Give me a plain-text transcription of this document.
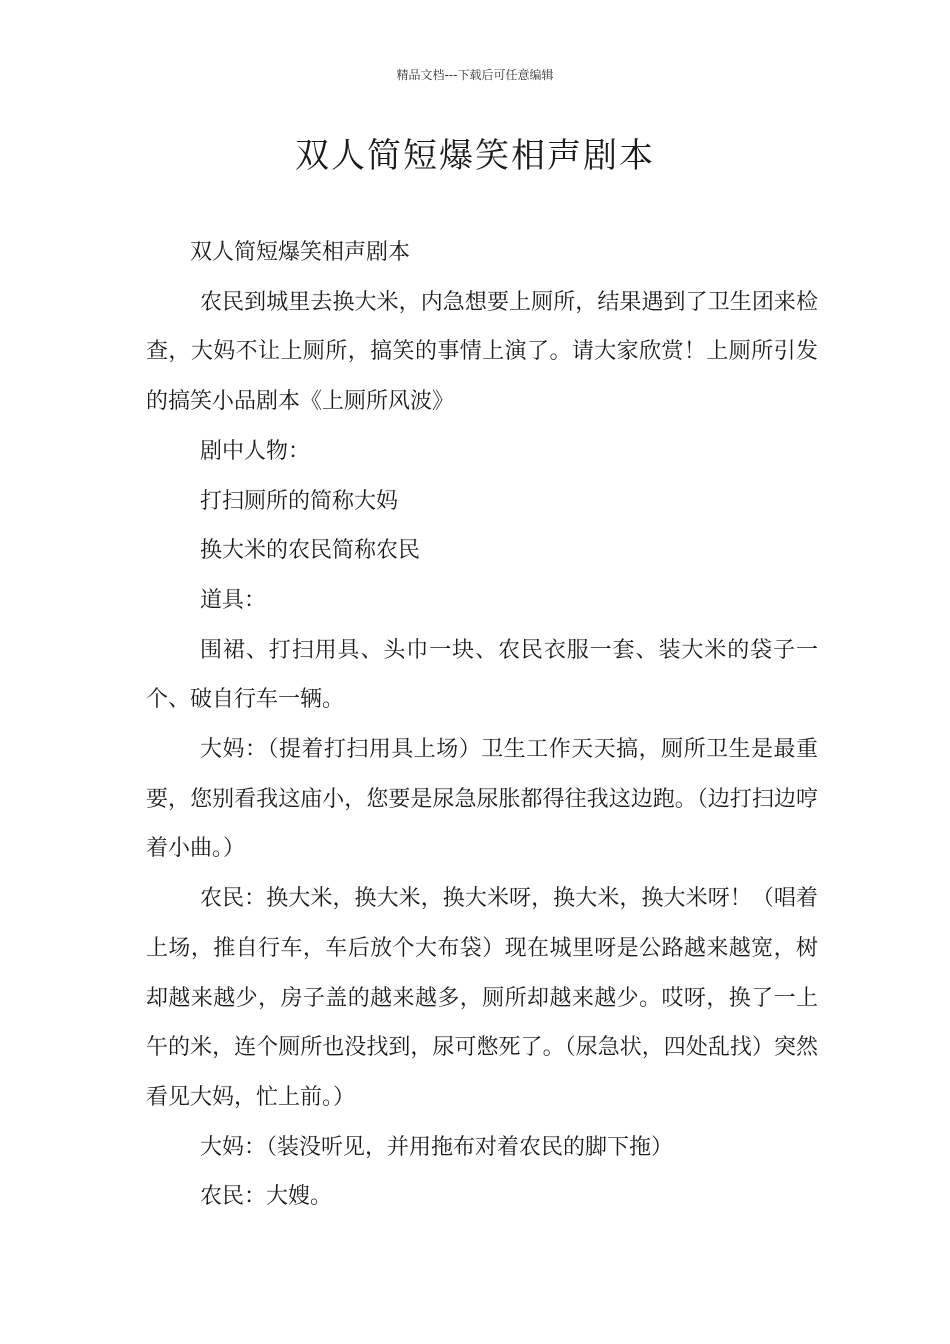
精品文档---下载后可任意编辑
双人简短爆笑相声剧本

双人简短爆笑相声剧本

农民到城里去换大米，内急想要上厕所，结果遇到了卫生团来检查，大妈不让上厕所，搞笑的事情上演了。请大家欣赏！上厕所引发的搞笑小品剧本《上厕所风波》

剧中人物：

打扫厕所的简称大妈

换大米的农民简称农民

道具：

围裙、打扫用具、头巾一块、农民衣服一套、装大米的袋子一个、破自行车一辆。

大妈：（提着打扫用具上场）卫生工作天天搞，厕所卫生是最重要，您别看我这庙小，您要是尿急尿胀都得往我这边跑。（边打扫边哼着小曲。）

农民：换大米，换大米，换大米呀，换大米，换大米呀！（唱着上场，推自行车，车后放个大布袋）现在城里呀是公路越来越宽，树却越来越少，房子盖的越来越多，厕所却越来越少。哎呀，换了一上午的米，连个厕所也没找到，尿可憋死了。（尿急状，四处乱找）突然看见大妈，忙上前。）

大妈：（装没听见，并用拖布对着农民的脚下拖）

农民：大嫂。
